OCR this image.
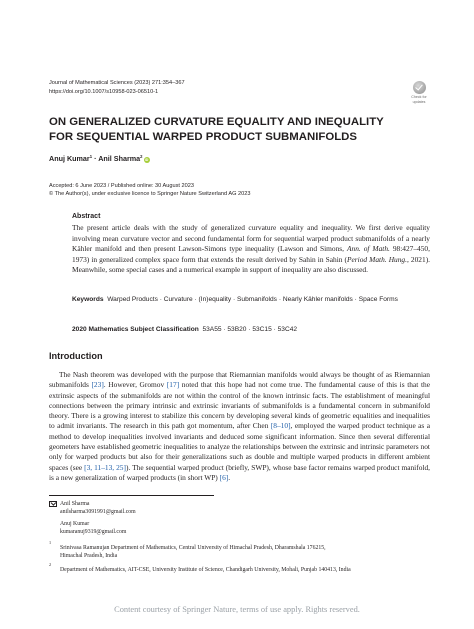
Journal of Mathematical Sciences (2023) 271:354–367
https://doi.org/10.1007/s10958-023-06510-1
Check for
updates
ON GENERALIZED CURVATURE EQUALITY AND INEQUALITY
FOR SEQUENTIAL WARPED PRODUCT SUBMANIFOLDS
Anuj Kumar$^1$ · Anil Sharma$^2$iD
Accepted: 6 June 2023 / Published online: 30 August 2023
© The Author(s), under exclusive licence to Springer Nature Switzerland AG 2023
Abstract
The present article deals with the study of generalized curvature equality and inequality. We first derive equality involving mean curvature vector and second fundamental form for sequential warped product submanifolds of a nearly Kähler manifold and then present Lawson-Simons type inequality (Lawson and Simons, Ann. of Math. 98:427–450, 1973) in generalized complex space form that extends the result derived by Sahin in Sahin (Period Math. Hung., 2021). Meanwhile, some special cases and a numerical example in support of inequality are also discussed.
Keywords Warped Products · Curvature · (In)equality · Submanifolds · Nearly Kähler manifolds · Space Forms
2020 Mathematics Subject Classification 53A55 · 53B20 · 53C15 · 53C42
Introduction

The Nash theorem was developed with the purpose that Riemannian manifolds would always be thought of as Riemannian submanifolds [23]. However, Gromov [17] noted that this hope had not come true. The fundamental cause of this is that the extrinsic aspects of the submanifolds are not within the control of the known intrinsic facts. The establishment of meaningful connections between the primary intrinsic and extrinsic invariants of submanifolds is a fundamental concern in submanifold theory. There is a growing interest to stabilize this concern by developing several kinds of geometric equalities and inequalities to admit invariants. The research in this path got momentum, after Chen [8–10], employed the warped product technique as a method to develop inequalities involved invariants and deduced some significant information. Since then several differential geometers have established geometric inequalities to analyze the relationships between the extrinsic and intrinsic parameters not only for warped products but also for their generalizations such as double and multiple warped products in different ambient spaces (see [3, 11–13, 25]). The sequential warped product (briefly, SWP), whose base factor remains warped product manifold, is a new generalization of warped products (in short WP) [6].

Anil Sharma
anilsharma3091991@gmail.com
Anuj Kumar
kumaranuj9319@gmail.com
1
Srinivasa Ramanujan Department of Mathematics, Central University of Himachal Pradesh, Dharamshala 176215,
Himachal Pradesh, India
2
Department of Mathematics, AIT-CSE, University Institute of Science, Chandigarh University, Mohali, Punjab 140413, India
Content courtesy of Springer Nature, terms of use apply. Rights reserved.
